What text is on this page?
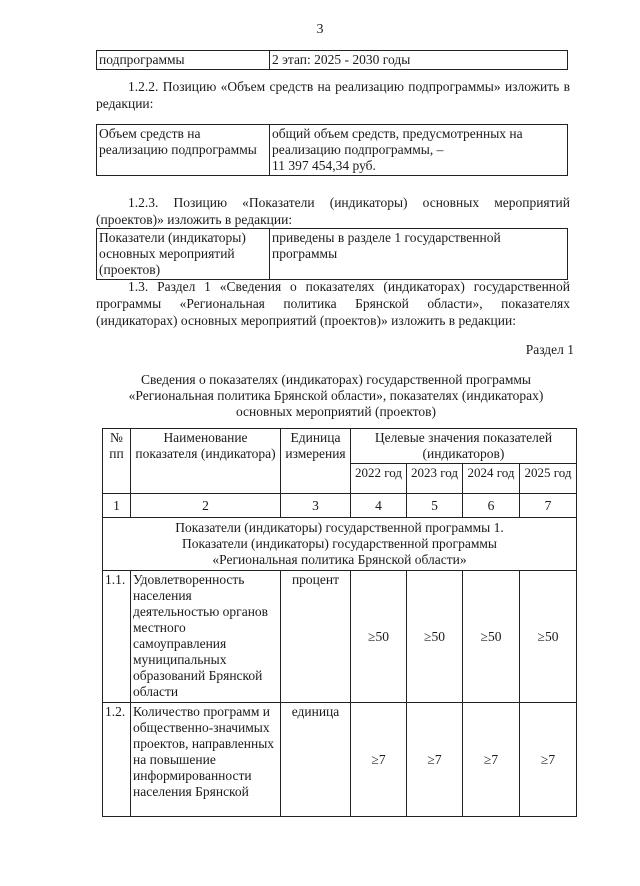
3
подпрограммы	2 этап: 2025 - 2030 годы

1.2.2. Позицию «Объем средств на реализацию подпрограммы» изложить в редакции:

Объем средств на реализацию подпрограммы	общий объем средств, предусмотренных на реализацию подпрограммы, –
11 397 454,34 руб.

1.2.3. Позицию «Показатели (индикаторы) основных мероприятий (проектов)» изложить в редакции:

Показатели (индикаторы) основных мероприятий (проектов)	приведены в разделе 1 государственной программы

1.3. Раздел 1 «Сведения о показателях (индикаторах) государственной программы «Региональная политика Брянской области», показателях (индикаторах) основных мероприятий (проектов)» изложить в редакции:

Раздел 1
Сведения о показателях (индикаторах) государственной программы «Региональная политика Брянской области», показателях (индикаторах) основных мероприятий (проектов)
№ пп	Наименование показателя (индикатора)	Единица измерения	Целевые значения показателей (индикаторов)			
			2022 год	2023 год	2024 год	2025 год
1	2	3	4	5	6	7
Показатели (индикаторы) государственной программы 1. Показатели (индикаторы) государственной программы «Региональная политика Брянской области»						
1.1.	Удовлетворенность населения деятельностью органов местного самоуправления муниципальных образований Брянской области	процент	≥50	≥50	≥50	≥50
1.2.	Количество программ и общественно-значимых проектов, направленных на повышение информированности населения Брянской	единица	≥7	≥7	≥7	≥7
